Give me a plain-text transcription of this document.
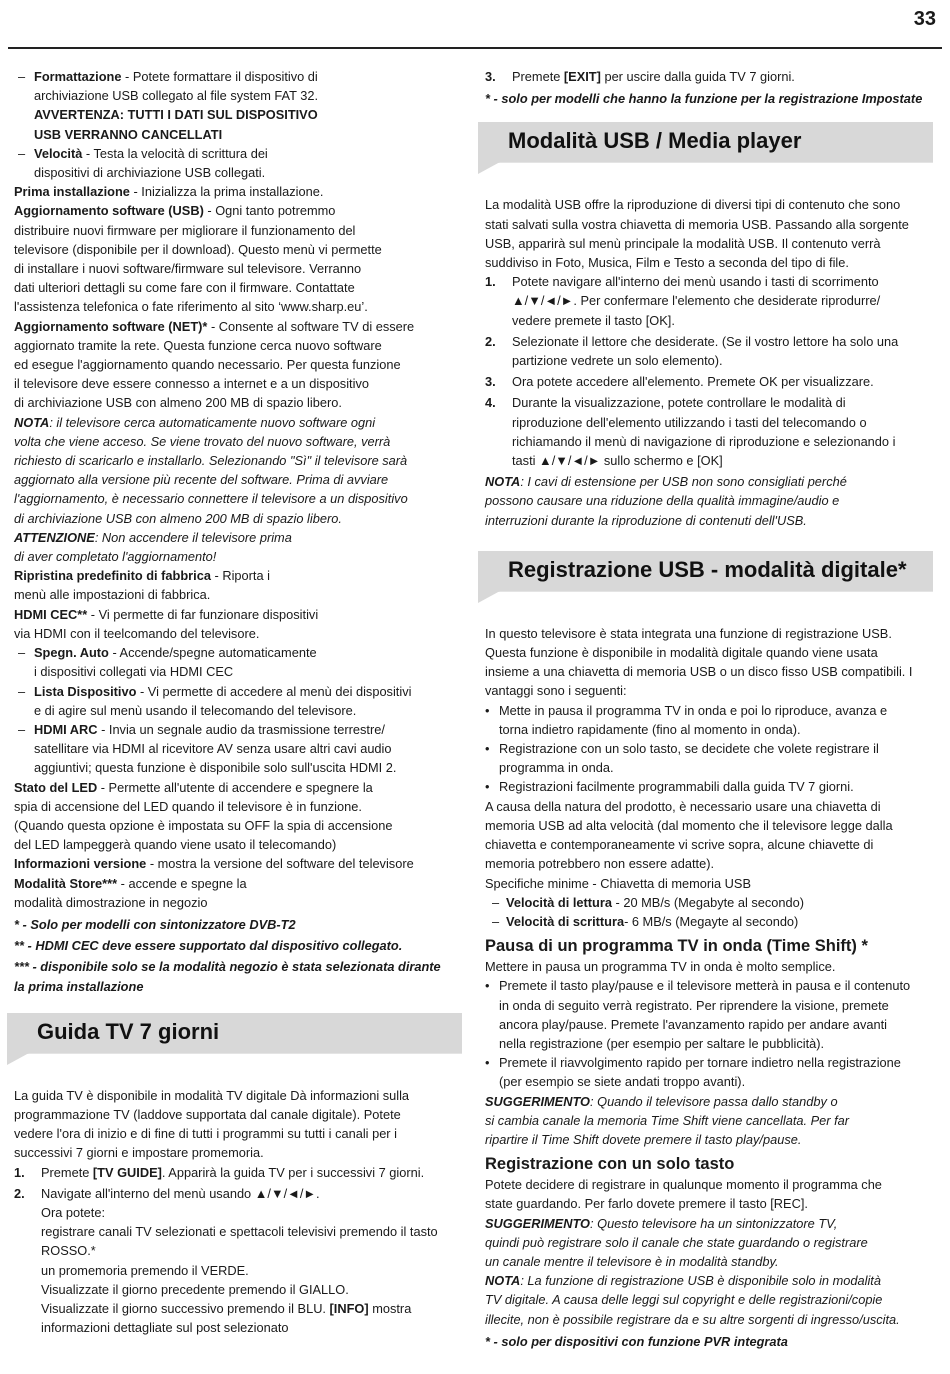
33
– Formattazione - Potete formattare il dispositivo di
archiviazione USB collegato al file system FAT 32.
AVVERTENZA: TUTTI I DATI SUL DISPOSITIVO
USB VERRANNO CANCELLATI
– Velocità - Testa la velocità di scrittura dei
dispositivi di archiviazione USB collegati.
Prima installazione - Inizializza la prima installazione.
Aggiornamento software (USB) - Ogni tanto potremmo
distribuire nuovi firmware per migliorare il funzionamento del
televisore (disponibile per il download). Questo menù vi permette
di installare i nuovi software/firmware sul televisore. Verranno
dati ulteriori dettagli su come fare con il firmware. Contattate
l'assistenza telefonica o fate riferimento al sito ‘www.sharp.eu’.
Aggiornamento software (NET)* - Consente al software TV di essere
aggiornato tramite la rete. Questa funzione cerca nuovo software
ed esegue l'aggiornamento quando necessario. Per questa funzione
il televisore deve essere connesso a internet e a un dispositivo
di archiviazione USB con almeno 200 MB di spazio libero.
NOTA: il televisore cerca automaticamente nuovo software ogni
volta che viene acceso. Se viene trovato del nuovo software, verrà
richiesto di scaricarlo e installarlo. Selezionando "Sì" il televisore sarà
aggiornato alla versione più recente del software. Prima di avviare
l'aggiornamento, è necessario connettere il televisore a un dispositivo
di archiviazione USB con almeno 200 MB di spazio libero.
ATTENZIONE: Non accendere il televisore prima
di aver completato l'aggiornamento!
Ripristina predefinito di fabbrica - Riporta i
menù alle impostazioni di fabbrica.
HDMI CEC** - Vi permette di far funzionare dispositivi
via HDMI con il teelcomando del televisore.
– Spegn. Auto - Accende/spegne automaticamente
i dispositivi collegati via HDMI CEC
– Lista Dispositivo - Vi permette di accedere al menù dei dispositivi
e di agire sul menù usando il telecomando del televisore.
– HDMI ARC - Invia un segnale audio da trasmissione terrestre/
satellitare via HDMI al ricevitore AV senza usare altri cavi audio
aggiuntivi; questa funzione è disponibile solo sull'uscita HDMI 2.
Stato del LED - Permette all'utente di accendere e spegnere la
spia di accensione del LED quando il televisore è in funzione.
(Quando questa opzione è impostata su OFF la spia di accensione
del LED lampeggerà quando viene usato il telecomando)
Informazioni versione - mostra la versione del software del televisore
Modalità Store*** - accende e spegne la
modalità dimostrazione in negozio
* - Solo per modelli con sintonizzatore DVB-T2
** - HDMI CEC deve essere supportato dal dispositivo collegato.
*** - disponibile solo se la modalità negozio è stata selezionata dirante
la prima installazione
Guida TV 7 giorni
La guida TV è disponibile in modalità TV digitale Dà informazioni sulla
programmazione TV (laddove supportata dal canale digitale). Potete
vedere l'ora di inizio e di fine di tutti i programmi su tutti i canali per i
successivi 7 giorni e impostare promemoria.
1. Premete [TV GUIDE]. Apparirà la guida TV per i successivi 7 giorni.
2. Navigate all'interno del menù usando ▲/▼/◄/►.
Ora potete:
registrare canali TV selezionati e spettacoli televisivi premendo il tasto
ROSSO.*
un promemoria premendo il VERDE.
Visualizzate il giorno precedente premendo il GIALLO.
Visualizzate il giorno successivo premendo il BLU. [INFO] mostra
informazioni dettagliate sul post selezionato
3. Premete [EXIT] per uscire dalla guida TV 7 giorni.
* - solo per modelli che hanno la funzione per la registrazione Impostate
Modalità USB / Media player
La modalità USB offre la riproduzione di diversi tipi di contenuto che sono
stati salvati sulla vostra chiavetta di memoria USB. Passando alla sorgente
USB, apparirà sul menù principale la modalità USB. Il contenuto verrà
suddiviso in Foto, Musica, Film e Testo a seconda del tipo di file.
1. Potete navigare all'interno dei menù usando i tasti di scorrimento
▲/▼/◄/►. Per confermare l'elemento che desiderate riprodurre/
vedere premete il tasto [OK].
2. Selezionate il lettore che desiderate. (Se il vostro lettore ha solo una
partizione vedrete un solo elemento).
3. Ora potete accedere all'elemento. Premete OK per visualizzare.
4. Durante la visualizzazione, potete controllare le modalità di
riproduzione dell'elemento utilizzando i tasti del telecomando o
richiamando il menù di navigazione di riproduzione e selezionando i
tasti ▲/▼/◄/► sullo schermo e [OK]
NOTA: I cavi di estensione per USB non sono consigliati perché
possono causare una riduzione della qualità immagine/audio e
interruzioni durante la riproduzione di contenuti dell'USB.
Registrazione USB - modalità digitale*
In questo televisore è stata integrata una funzione di registrazione USB.
Questa funzione è disponibile in modalità digitale quando viene usata
insieme a una chiavetta di memoria USB o un disco fisso USB compatibili. I
vantaggi sono i seguenti:
• Mette in pausa il programma TV in onda e poi lo riproduce, avanza e
torna indietro rapidamente (fino al momento in onda).
• Registrazione con un solo tasto, se decidete che volete registrare il
programma in onda.
• Registrazioni facilmente programmabili dalla guida TV 7 giorni.
A causa della natura del prodotto, è necessario usare una chiavetta di
memoria USB ad alta velocità (dal momento che il televisore legge dalla
chiavetta e contemporaneamente vi scrive sopra, alcune chiavette di
memoria potrebbero non essere adatte).
Specifiche minime - Chiavetta di memoria USB
– Velocità di lettura - 20 MB/s (Megabyte al secondo)
– Velocità di scrittura- 6 MB/s (Megayte al secondo)
Pausa di un programma TV in onda (Time Shift) *
Mettere in pausa un programma TV in onda è molto semplice.
• Premete il tasto play/pause e il televisore metterà in pausa e il contenuto
in onda di seguito verrà registrato. Per riprendere la visione, premete
ancora play/pause. Premete l'avanzamento rapido per andare avanti
nella registrazione (per esempio per saltare le pubblicità).
• Premete il riavvolgimento rapido per tornare indietro nella registrazione
(per esempio se siete andati troppo avanti).
SUGGERIMENTO: Quando il televisore passa dallo standby o
si cambia canale la memoria Time Shift viene cancellata. Per far
ripartire il Time Shift dovete premere il tasto play/pause.
Registrazione con un solo tasto
Potete decidere di registrare in qualunque momento il programma che
state guardando. Per farlo dovete premere il tasto [REC].
SUGGERIMENTO: Questo televisore ha un sintonizzatore TV,
quindi può registrare solo il canale che state guardando o registrare
un canale mentre il televisore è in modalità standby.
NOTA: La funzione di registrazione USB è disponibile solo in modalità
TV digitale. A causa delle leggi sul copyright e delle registrazioni/copie
illecite, non è possibile registrare da e su altre sorgenti di ingresso/uscita.
* - solo per dispositivi con funzione PVR integrata
